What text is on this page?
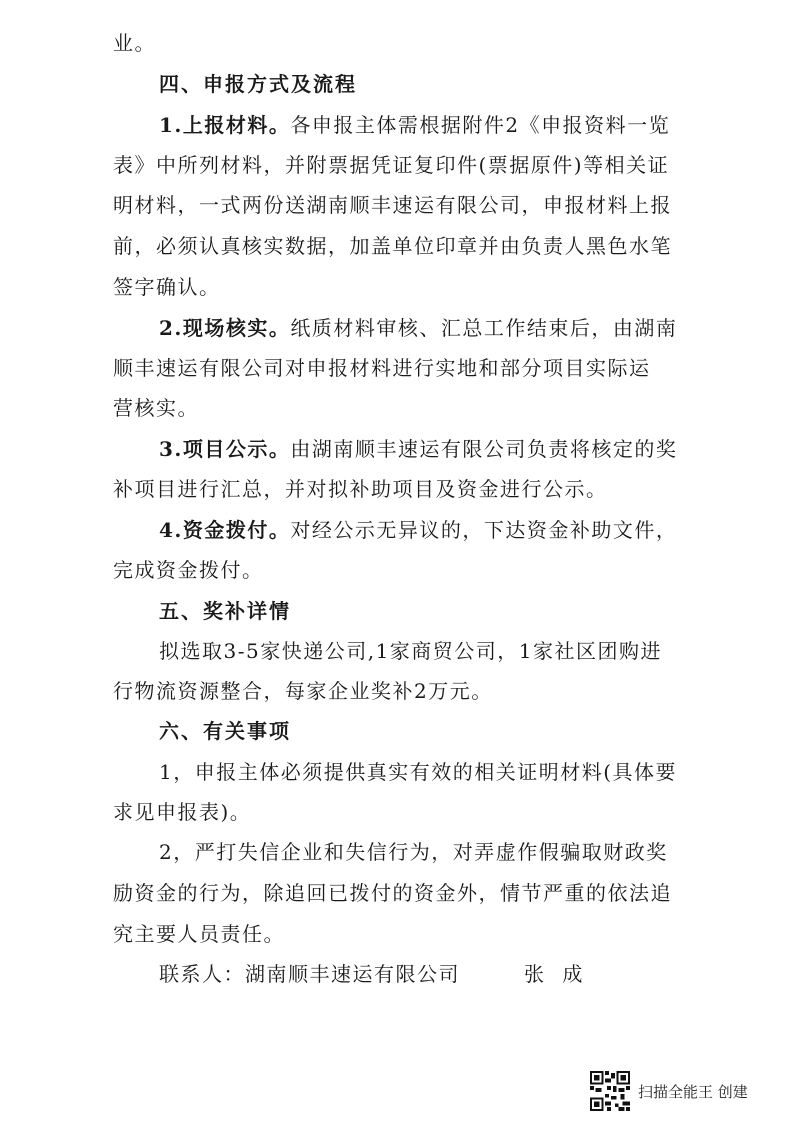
业。
四、申报方式及流程
1.上报材料。各申报主体需根据附件2《申报资料一览
表》中所列材料，并附票据凭证复印件(票据原件)等相关证
明材料，一式两份送湖南顺丰速运有限公司，申报材料上报
前，必须认真核实数据，加盖单位印章并由负责人黑色水笔
签字确认。
2.现场核实。纸质材料审核、汇总工作结束后，由湖南
顺丰速运有限公司对申报材料进行实地和部分项目实际运
营核实。
3.项目公示。由湖南顺丰速运有限公司负责将核定的奖
补项目进行汇总，并对拟补助项目及资金进行公示。
4.资金拨付。对经公示无异议的，下达资金补助文件，
完成资金拨付。
五、奖补详情
拟选取3-5家快递公司,1家商贸公司，1家社区团购进
行物流资源整合，每家企业奖补2万元。
六、有关事项
1，申报主体必须提供真实有效的相关证明材料(具体要
求见申报表)。
2，严打失信企业和失信行为，对弄虚作假骗取财政奖
励资金的行为，除追回已拨付的资金外，情节严重的依法追
究主要人员责任。
联系人：湖南顺丰速运有限公司	张 成
扫描全能王 创建
